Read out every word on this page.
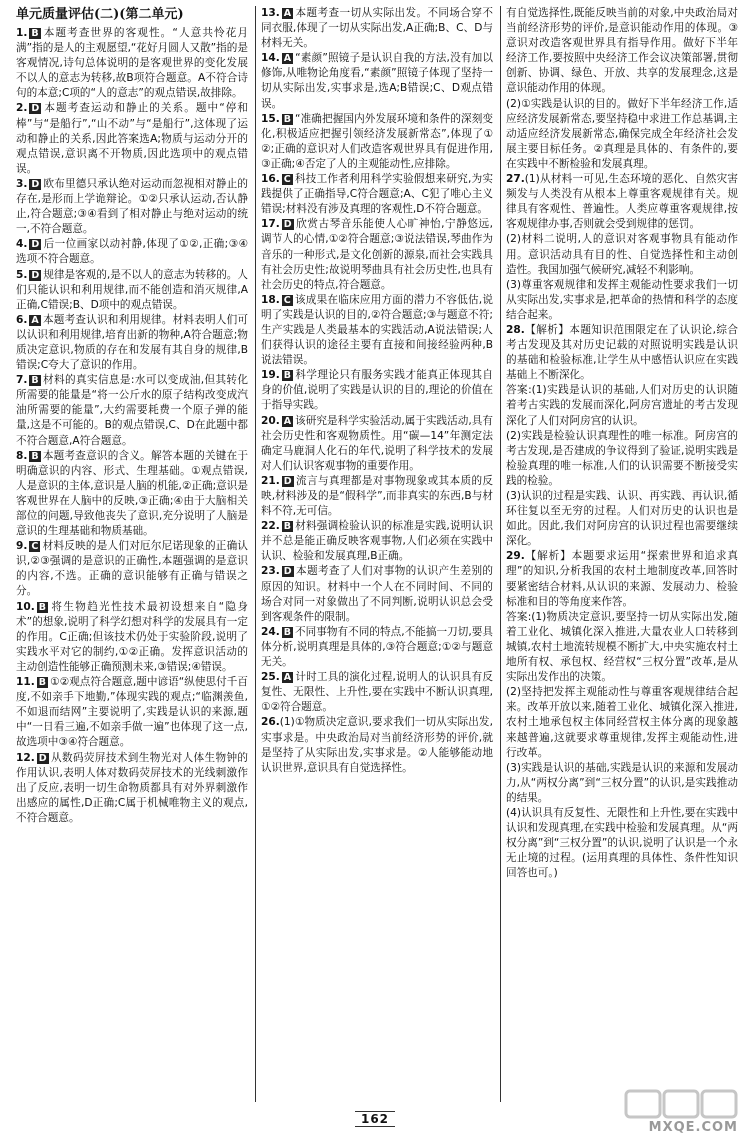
单元质量评估(二)(第二单元)

1. B 本题考查世界的客观性。“人意共怜花月满”指的是人的主观愿望,“花好月圆人又散”指的是客观情况,诗句总体说明的是客观世界的变化发展不以人的意志为转移,故B项符合题意。A不符合诗句的本意;C项的“人的意志”的观点错误,故排除。

2. D 本题考查运动和静止的关系。题中“停和棒”与“是船行”,“山不动”与“是船行”,这体现了运动和静止的关系,因此答案选A;物质与运动分开的观点错误,意识离不开物质,因此选项中的观点错误。

3. D 欧布里德只承认绝对运动而忽视相对静止的存在,是形而上学诡辩论。①②只承认运动,否认静止,符合题意;③④看到了相对静止与绝对运动的统一,不符合题意。

4. D 后一位画家以动衬静,体现了①②,正确;③④选项不符合题意。

5. D 规律是客观的,是不以人的意志为转移的。人们只能认识和利用规律,而不能创造和消灭规律,A正确,C错误;B、D项中的观点错误。

6. A 本题考查认识和利用规律。材料表明人们可以认识和利用规律,培育出新的物种,A符合题意;物质决定意识,物质的存在和发展有其自身的规律,B错误;C夸大了意识的作用。

7. B 材料的真实信息是:水可以变成油,但其转化所需要的能量是“将一公斤水的原子结构改变成汽油所需要的能量”,大约需要耗费一个原子弹的能量,这是不可能的。B的观点错误,C、D在此题中都不符合题意,A符合题意。

8. B 本题考查意识的含义。解答本题的关键在于明确意识的内容、形式、生理基础。①观点错误,人是意识的主体,意识是人脑的机能,②正确;意识是客观世界在人脑中的反映,③正确;④由于大脑相关部位的问题,导致他丧失了意识,充分说明了人脑是意识的生理基础和物质基础。

9. C 材料反映的是人们对厄尔尼诺现象的正确认识,②③强调的是意识的正确性,本题强调的是意识的内容,不选。正确的意识能够有正确与错误之分。

10. B 将生物趋光性技术最初设想来自“隐身术”的想象,说明了科学幻想对科学的发展具有一定的作用。C正确;但该技术仍处于实验阶段,说明了实践水平对它的制约,①②正确。发挥意识活动的主动创造性能够正确预测未来,③错误;④错误。

11. B ①②观点符合题意,题中谚语“纵使思付千百度,不如亲手下地勤,”体现实践的观点;“临渊羡鱼,不如退而结网”主要说明了,实践是认识的来源,题中“一日看三遍,不如亲手做一遍”也体现了这一点,故选项中③④符合题意。

12. D 从数码荧屏技术到生物光对人体生物钟的作用认识,表明人体对数码荧屏技术的光线刺激作出了反应,表明一切生命物质都具有对外界刺激作出感应的属性,D正确;C属于机械唯物主义的观点,不符合题意。

13. A 本题考查一切从实际出发。不同场合穿不同衣服,体现了一切从实际出发,A正确;B、C、D与材料无关。

14. A “素颜”照镜子是认识自我的方法,没有加以修饰,从唯物论角度看,“素颜”照镜子体现了坚持一切从实际出发,实事求是,选A;B错误;C、D观点错误。

15. B “准确把握国内外发展环境和条件的深刻变化,积极适应把握引领经济发展新常态”,体现了①②;正确的意识对人们改造客观世界具有促进作用,③正确;④否定了人的主观能动性,应排除。

16. C 科技工作者利用科学实验假想来研究,为实践提供了正确指导,C符合题意;A、C犯了唯心主义错误;材料没有涉及真理的客观性,D不符合题意。

17. D 欣赏古琴音乐能使人心旷神怡,宁静悠远,调节人的心情,①②符合题意;③说法错误,琴曲作为音乐的一种形式,是文化创新的源泉,而社会实践具有社会历史性;故说明琴曲具有社会历史性,也具有社会历史的特点,符合题意。

18. C 该成果在临床应用方面的潜力不容低估,说明了实践是认识的目的,②符合题意;③与题意不符;生产实践是人类最基本的实践活动,A说法错误;人们获得认识的途径主要有直接和间接经验两种,B说法错误。

19. B 科学理论只有服务实践才能真正体现其自身的价值,说明了实践是认识的目的,理论的价值在于指导实践。

20. A 该研究是科学实验活动,属于实践活动,具有社会历史性和客观物质性。用“碳—14”年测定法确定马鹿洞人化石的年代,说明了科学技术的发展对人们认识客观事物的重要作用。

21. D 流言与真理都是对事物现象或其本质的反映,材料涉及的是“假科学”,而非真实的东西,B与材料不符,无可信。

22. B 材料强调检验认识的标准是实践,说明认识并不总是能正确反映客观事物,人们必须在实践中认识、检验和发展真理,B正确。

23. D 本题考查了人们对事物的认识产生差别的原因的知识。材料中一个人在不同时间、不同的场合对同一对象做出了不同判断,说明认识总会受到客观条件的限制。

24. B 不同事物有不同的特点,不能搞一刀切,要具体分析,说明真理是具体的,③符合题意;①②与题意无关。

25. A 计时工具的演化过程,说明人的认识具有反复性、无限性、上升性,要在实践中不断认识真理,①②符合题意。

26.(1)①物质决定意识,要求我们一切从实际出发,实事求是。中央政治局对当前经济形势的评价,就是坚持了从实际出发,实事求是。②人能够能动地认识世界,意识具有自觉选择性。

有自觉选择性,既能反映当前的对象,中央政治局对当前经济形势的评价,是意识能动作用的体现。③意识对改造客观世界具有指导作用。做好下半年经济工作,要按照中央经济工作会议决策部署,贯彻创新、协调、绿色、开放、共享的发展理念,这是意识能动作用的体现。

(2)①实践是认识的目的。做好下半年经济工作,适应经济发展新常态,要坚持稳中求进工作总基调,主动适应经济发展新常态,确保完成全年经济社会发展主要目标任务。②真理是具体的、有条件的,要在实践中不断检验和发展真理。

27.(1)从材料一可见,生态环境的恶化、自然灾害频发与人类没有从根本上尊重客观规律有关。规律具有客观性、普遍性。人类应尊重客观规律,按客观规律办事,否则就会受到规律的惩罚。

(2)材料二说明,人的意识对客观事物具有能动作用。意识活动具有目的性、自觉选择性和主动创造性。我国加强气候研究,减轻不利影响。

(3)尊重客观规律和发挥主观能动性要求我们一切从实际出发,实事求是,把革命的热情和科学的态度结合起来。

28.【解析】本题知识范围限定在了认识论,综合考古发现及其对历史记载的对照说明实践是认识的基础和检验标准,让学生从中感悟认识应在实践基础上不断深化。

答案:(1)实践是认识的基础,人们对历史的认识随着考古实践的发展而深化,阿房宫遗址的考古发现深化了人们对阿房宫的认识。

(2)实践是检验认识真理性的唯一标准。阿房宫的考古发现,是否建成的争议得到了验证,说明实践是检验真理的唯一标准,人们的认识需要不断接受实践的检验。

(3)认识的过程是实践、认识、再实践、再认识,循环往复以至无穷的过程。人们对历史的认识也是如此。因此,我们对阿房宫的认识过程也需要继续深化。

29.【解析】本题要求运用“探索世界和追求真理”的知识,分析我国的农村土地制度改革,回答时要紧密结合材料,从认识的来源、发展动力、检验标准和目的等角度来作答。

答案:(1)物质决定意识,要坚持一切从实际出发,随着工业化、城镇化深入推进,大量农业人口转移到城镇,农村土地流转规模不断扩大,中央实施农村土地所有权、承包权、经营权“三权分置”改革,是从实际出发作出的决策。

(2)坚持把发挥主观能动性与尊重客观规律结合起来。改革开放以来,随着工业化、城镇化深入推进,农村土地承包权主体同经营权主体分离的现象越来越普遍,这就要求尊重规律,发挥主观能动性,进行改革。

(3)实践是认识的基础,实践是认识的来源和发展动力,从“两权分离”到“三权分置”的认识,是实践推动的结果。

(4)认识具有反复性、无限性和上升性,要在实践中认识和发现真理,在实践中检验和发展真理。从“两权分离”到“三权分置”的认识,说明了认识是一个永无止境的过程。(运用真理的具体性、条件性知识回答也可。)

162
MXQE.COM
